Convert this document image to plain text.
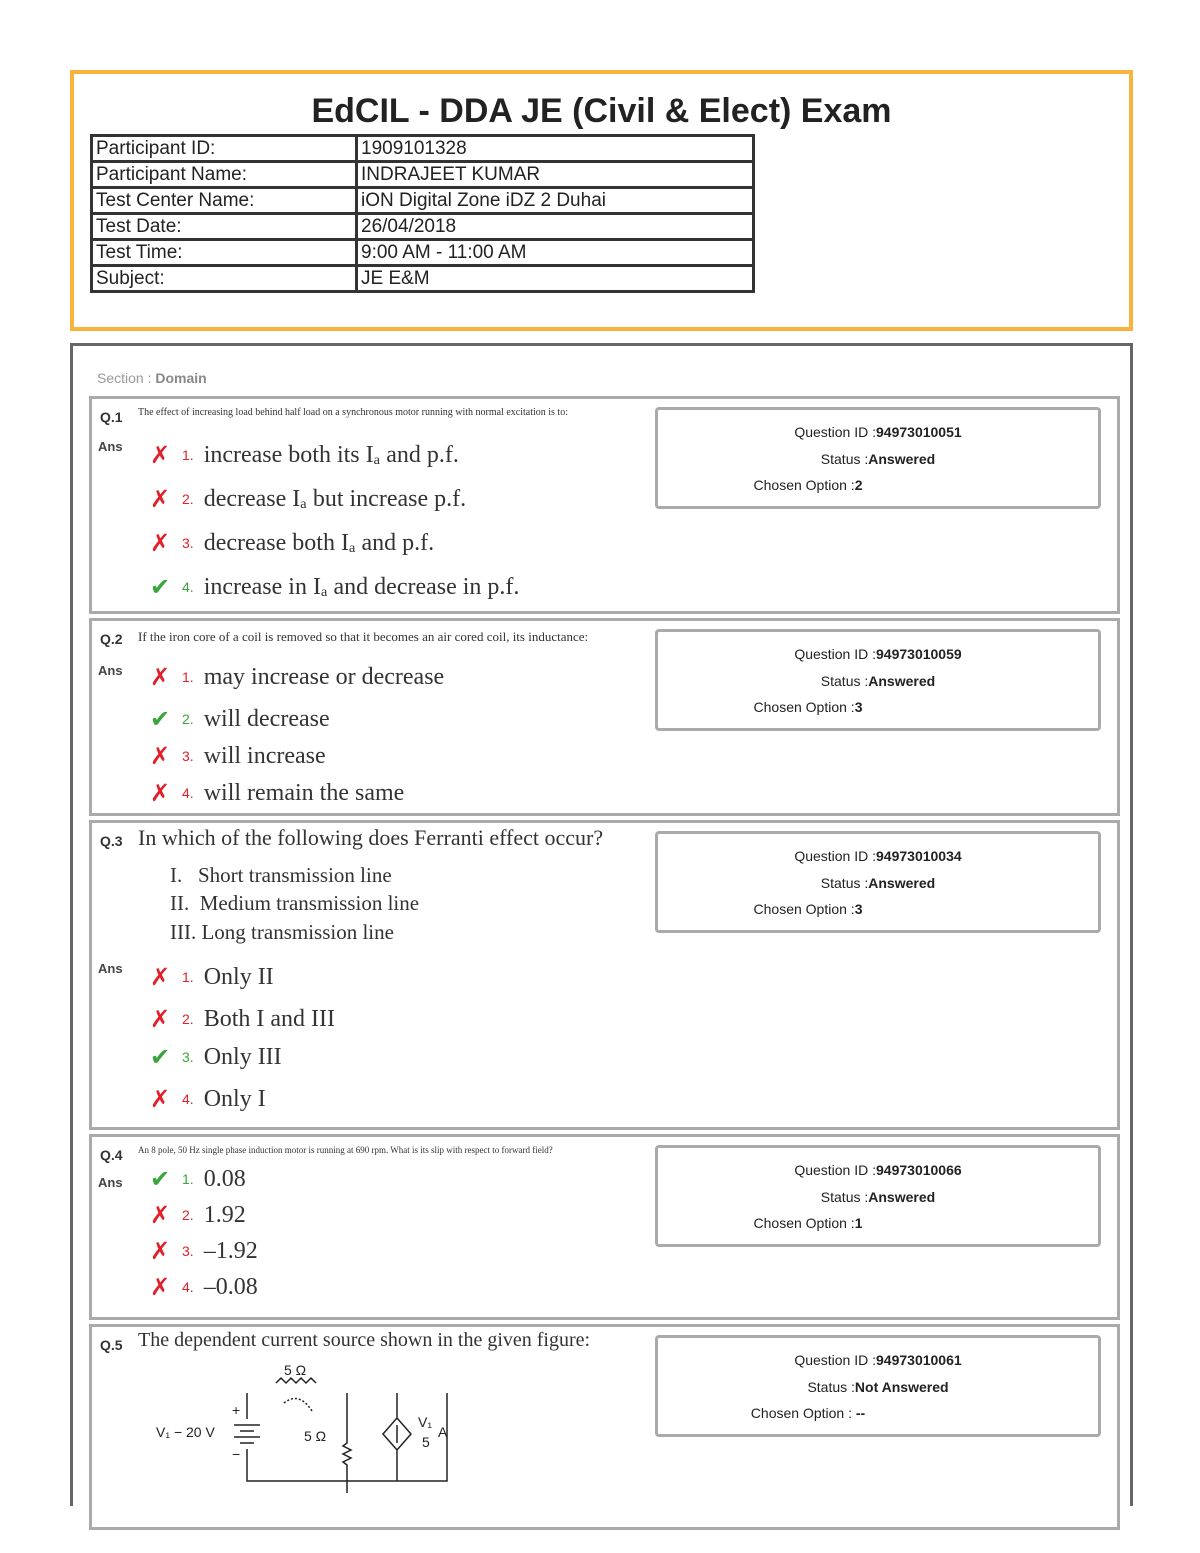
EdCIL - DDA JE (Civil & Elect) Exam
Participant ID:	1909101328
Participant Name:	INDRAJEET KUMAR
Test Center Name:	iON Digital Zone iDZ 2 Duhai
Test Date:	26/04/2018
Test Time:	9:00 AM - 11:00 AM
Subject:	JE E&M
Section : Domain
Q.1 The effect of increasing load behind half load on a synchronous motor running with normal excitation is to:
Ans ✗ 1. increase both its Iₐ and p.f.
✗ 2. decrease Iₐ but increase p.f.
✗ 3. decrease both Iₐ and p.f.
✔ 4. increase in Iₐ and decrease in p.f.
Question ID :94973010051
Status :Answered
Chosen Option :2
Q.2 If the iron core of a coil is removed so that it becomes an air cored coil, its inductance:
Ans ✗ 1. may increase or decrease
✔ 2. will decrease
✗ 3. will increase
✗ 4. will remain the same
Question ID :94973010059
Status :Answered
Chosen Option :3
Q.3 In which of the following does Ferranti effect occur?
I.   Short transmission line
II.  Medium transmission line
III. Long transmission line
Ans ✗ 1. Only II
✗ 2. Both I and III
✔ 3. Only III
✗ 4. Only I
Question ID :94973010034
Status :Answered
Chosen Option :3
Q.4 An 8 pole, 50 Hz single phase induction motor is running at 690 rpm. What is its slip with respect to forward field?
Ans ✔ 1. 0.08
✗ 2. 1.92
✗ 3. –1.92
✗ 4. –0.08
Question ID :94973010066
Status :Answered
Chosen Option :1
Q.5 The dependent current source shown in the given figure:
5 Ω
5 Ω
V₁ − 20 V
+
−
V₁
5
A
Question ID :94973010061
Status :Not Answered
Chosen Option : --
